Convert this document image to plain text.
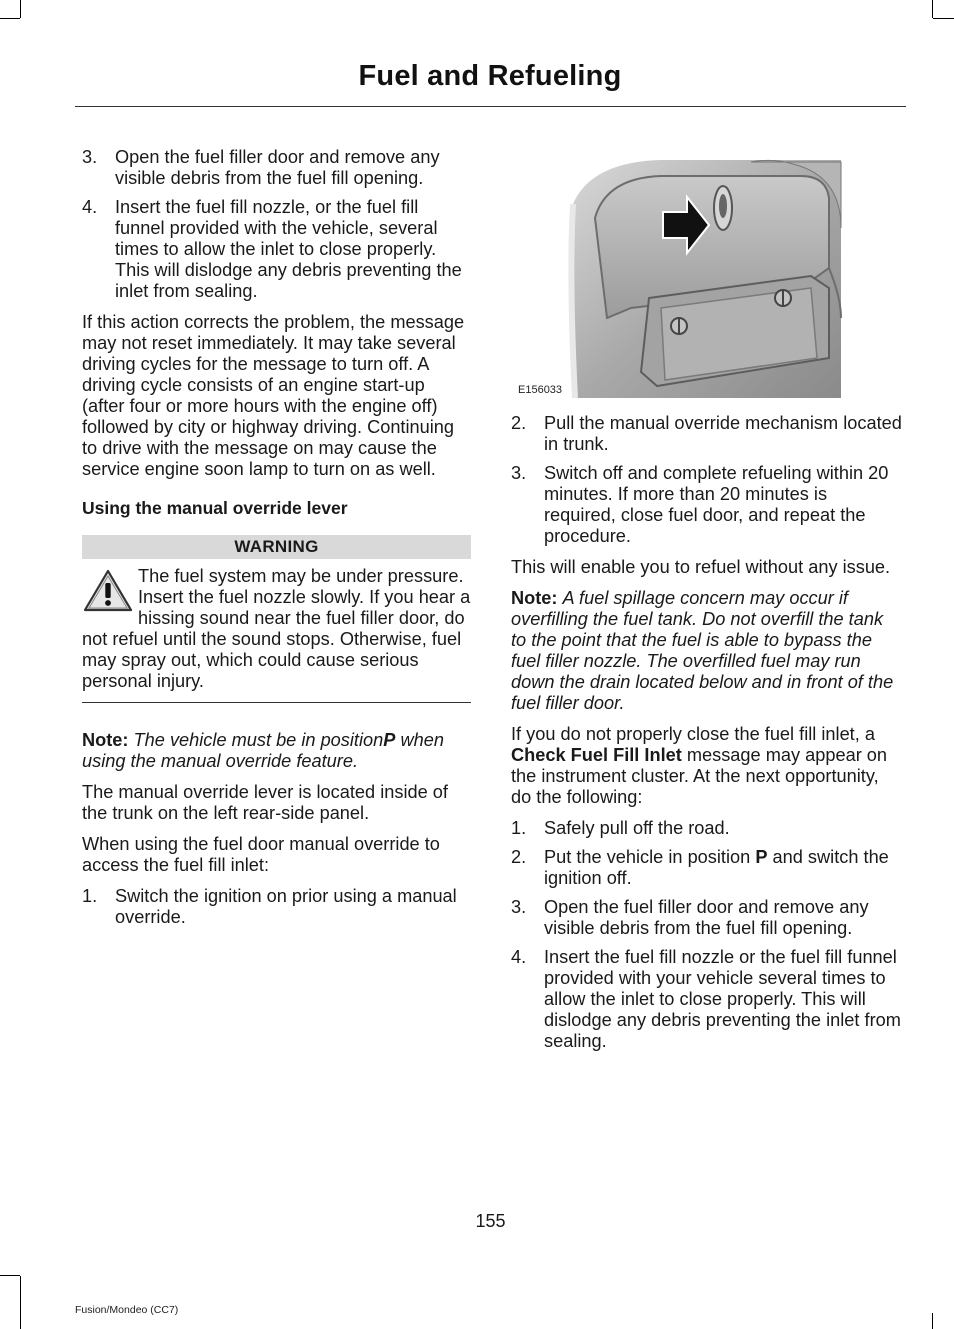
Fuel and Refueling
3. Open the fuel filler door and remove any visible debris from the fuel fill opening.
4. Insert the fuel fill nozzle, or the fuel fill funnel provided with the vehicle, several times to allow the inlet to close properly. This will dislodge any debris preventing the inlet from sealing.

If this action corrects the problem, the message may not reset immediately. It may take several driving cycles for the message to turn off. A driving cycle consists of an engine start-up (after four or more hours with the engine off) followed by city or highway driving. Continuing to drive with the message on may cause the service engine soon lamp to turn on as well.

Using the manual override lever
WARNING
The fuel system may be under pressure. Insert the fuel nozzle slowly. If you hear a hissing sound near the fuel filler door, do not refuel until the sound stops. Otherwise, fuel may spray out, which could cause serious personal injury.

Note: The vehicle must be in positionP when using the manual override feature.

The manual override lever is located inside of the trunk on the left rear-side panel.

When using the fuel door manual override to access the fuel fill inlet:

1. Switch the ignition on prior using a manual override.
E156033
2. Pull the manual override mechanism located in trunk.
3. Switch off and complete refueling within 20 minutes. If more than 20 minutes is required, close fuel door, and repeat the procedure.

This will enable you to refuel without any issue.

Note: A fuel spillage concern may occur if overfilling the fuel tank. Do not overfill the tank to the point that the fuel is able to bypass the fuel filler nozzle. The overfilled fuel may run down the drain located below and in front of the fuel filler door.

If you do not properly close the fuel fill inlet, a Check Fuel Fill Inlet message may appear on the instrument cluster. At the next opportunity, do the following:

1. Safely pull off the road.
2. Put the vehicle in position P and switch the ignition off.
3. Open the fuel filler door and remove any visible debris from the fuel fill opening.
4. Insert the fuel fill nozzle or the fuel fill funnel provided with your vehicle several times to allow the inlet to close properly. This will dislodge any debris preventing the inlet from sealing.
155
Fusion/Mondeo (CC7)
